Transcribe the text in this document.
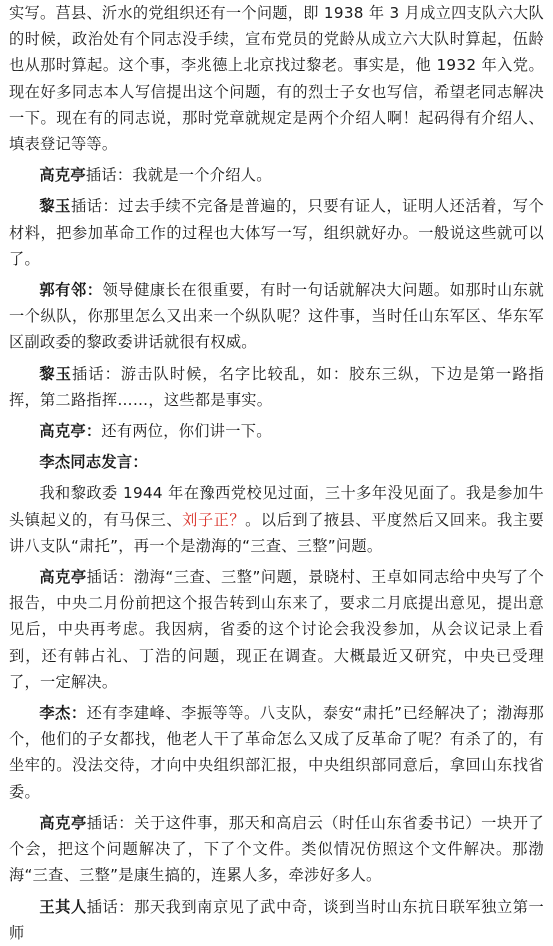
实写。莒县、沂水的党组织还有一个问题，即 1938 年 3 月成立四支队六大队的时候，政治处有个同志没手续，宣布党员的党龄从成立六大队时算起，伍龄也从那时算起。这个事，李兆德上北京找过黎老。事实是，他 1932 年入党。现在好多同志本人写信提出这个问题，有的烈士子女也写信，希望老同志解决一下。现在有的同志说，那时党章就规定是两个介绍人啊！起码得有介绍人、填表登记等等。

高克亭插话：我就是一个介绍人。

黎玉插话：过去手续不完备是普遍的，只要有证人，证明人还活着，写个材料，把参加革命工作的过程也大体写一写，组织就好办。一般说这些就可以了。

郭有邻：领导健康长在很重要，有时一句话就解决大问题。如那时山东就一个纵队，你那里怎么又出来一个纵队呢？这件事，当时任山东军区、华东军区副政委的黎政委讲话就很有权威。

黎玉插话：游击队时候，名字比较乱，如：胶东三纵，下边是第一路指挥，第二路指挥……，这些都是事实。

高克亭：还有两位，你们讲一下。

李杰同志发言：

我和黎政委 1944 年在豫西党校见过面，三十多年没见面了。我是参加牛头镇起义的，有马保三、刘子正？。以后到了掖县、平度然后又回来。我主要讲八支队“肃托”，再一个是渤海的“三查、三整”问题。

高克亭插话：渤海“三查、三整”问题，景晓村、王卓如同志给中央写了个报告，中央二月份前把这个报告转到山东来了，要求二月底提出意见，提出意见后，中央再考虑。我因病，省委的这个讨论会我没参加，从会议记录上看到，还有韩占礼、丁浩的问题，现正在调查。大概最近又研究，中央已受理了，一定解决。

李杰：还有李建峰、李振等等。八支队，泰安“肃托”已经解决了；渤海那个，他们的子女都找，他老人干了革命怎么又成了反革命了呢？有杀了的，有坐牢的。没法交待，才向中央组织部汇报，中央组织部同意后，拿回山东找省委。

高克亭插话：关于这件事，那天和高启云（时任山东省委书记）一块开了个会，把这个问题解决了，下了个文件。类似情况仿照这个文件解决。那渤海“三查、三整”是康生搞的，连累人多，牵涉好多人。

王其人插话：那天我到南京见了武中奇，谈到当时山东抗日联军独立第一师
